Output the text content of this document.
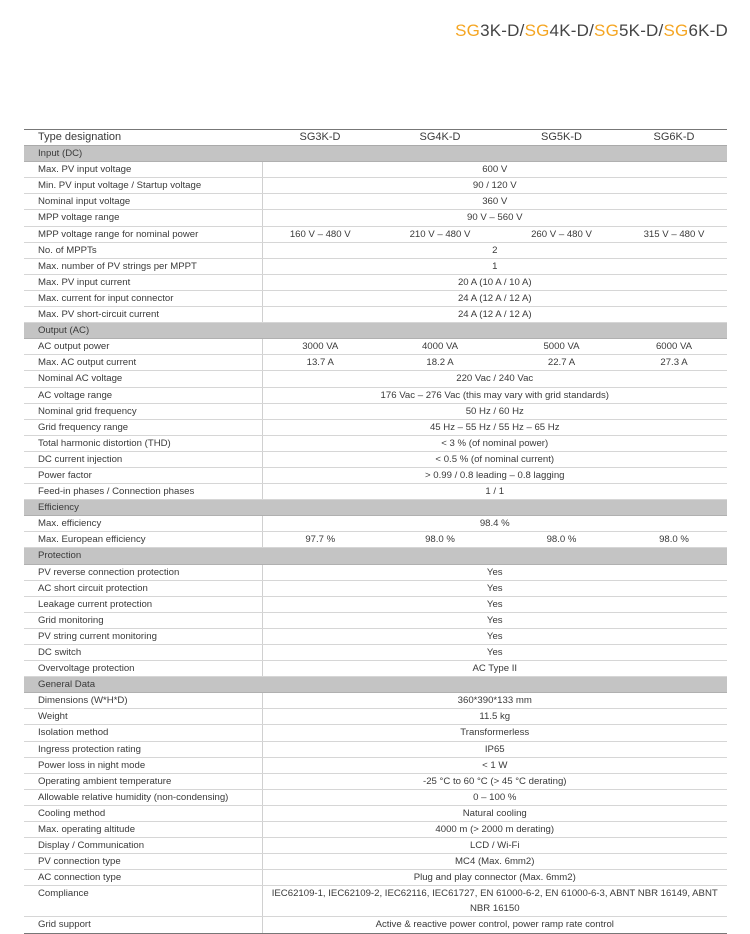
SG3K-D/SG4K-D/SG5K-D/SG6K-D
Type designation	SG3K-D	SG4K-D	SG5K-D	SG6K-D
Input (DC)				
Max. PV input voltage	600 V			
Min. PV input voltage / Startup voltage	90 / 120 V			
Nominal input voltage	360 V			
MPP voltage range	90 V – 560 V			
MPP voltage range for nominal power	160 V – 480 V	210 V – 480 V	260 V – 480 V	315 V – 480 V
No. of MPPTs	2			
Max. number of PV strings per MPPT	1			
Max. PV input current	20 A (10 A / 10 A)			
Max. current for input connector	24 A (12 A / 12 A)			
Max. PV short-circuit current	24 A (12 A / 12 A)			
Output (AC)				
AC output power	3000 VA	4000 VA	5000 VA	6000 VA
Max. AC output current	13.7 A	18.2 A	22.7 A	27.3 A
Nominal AC voltage	220 Vac / 240 Vac			
AC voltage range	176 Vac – 276 Vac (this may vary with grid standards)			
Nominal grid frequency	50 Hz / 60 Hz			
Grid frequency range	45 Hz – 55 Hz / 55 Hz – 65 Hz			
Total harmonic distortion (THD)	< 3 % (of nominal power)			
DC current injection	< 0.5 % (of nominal current)			
Power factor	> 0.99 / 0.8 leading – 0.8 lagging			
Feed-in phases / Connection phases	1 / 1			
Efficiency				
Max. efficiency	98.4 %			
Max. European efficiency	97.7 %	98.0 %	98.0 %	98.0 %
Protection				
PV reverse connection protection	Yes			
AC short circuit protection	Yes			
Leakage current protection	Yes			
Grid monitoring	Yes			
PV string current monitoring	Yes			
DC switch	Yes			
Overvoltage protection	AC Type II			
General Data				
Dimensions (W*H*D)	360*390*133 mm			
Weight	11.5 kg			
Isolation method	Transformerless			
Ingress protection rating	IP65			
Power loss in night mode	< 1 W			
Operating ambient temperature	-25 °C to 60 °C (> 45 °C derating)			
Allowable relative humidity (non-condensing)	0 – 100 %			
Cooling method	Natural cooling			
Max. operating altitude	4000 m (> 2000 m derating)			
Display / Communication	LCD / Wi-Fi			
PV connection type	MC4 (Max. 6mm2)			
AC connection type	Plug and play connector (Max. 6mm2)			
Compliance	IEC62109-1, IEC62109-2, IEC62116, IEC61727, EN 61000-6-2, EN 61000-6-3, ABNT NBR 16149, ABNT NBR 16150			
Grid support	Active & reactive power control, power ramp rate control			
